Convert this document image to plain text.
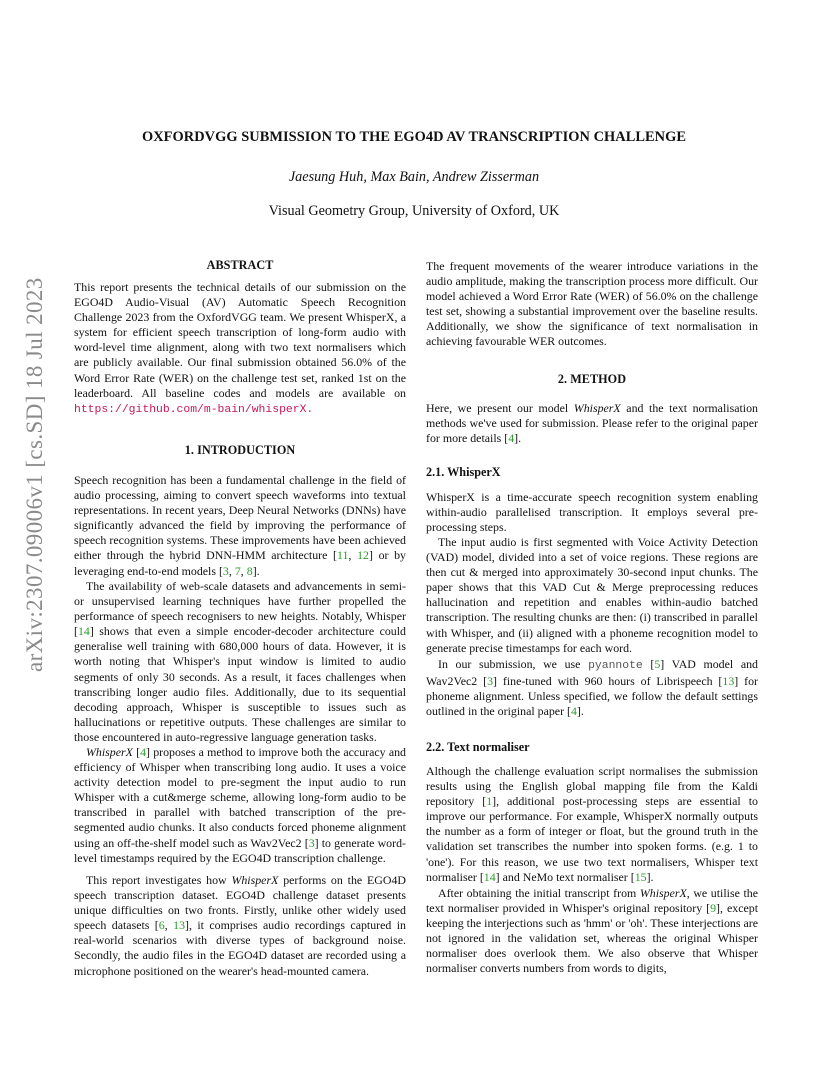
arXiv:2307.09006v1 [cs.SD] 18 Jul 2023
OXFORDVGG SUBMISSION TO THE EGO4D AV TRANSCRIPTION CHALLENGE
Jaesung Huh, Max Bain, Andrew Zisserman
Visual Geometry Group, University of Oxford, UK
ABSTRACT
This report presents the technical details of our submission on the EGO4D Audio-Visual (AV) Automatic Speech Recognition Challenge 2023 from the OxfordVGG team. We present WhisperX, a system for efficient speech transcription of long-form audio with word-level time alignment, along with two text normalisers which are publicly available. Our final submission obtained 56.0% of the Word Error Rate (WER) on the challenge test set, ranked 1st on the leaderboard. All baseline codes and models are available on https://github.com/m-bain/whisperX.
1. INTRODUCTION
Speech recognition has been a fundamental challenge in the field of audio processing, aiming to convert speech waveforms into textual representations. In recent years, Deep Neural Networks (DNNs) have significantly advanced the field by improving the performance of speech recognition systems. These improvements have been achieved either through the hybrid DNN-HMM architecture [11, 12] or by leveraging end-to-end models [3, 7, 8].
The availability of web-scale datasets and advancements in semi- or unsupervised learning techniques have further propelled the performance of speech recognisers to new heights. Notably, Whisper [14] shows that even a simple encoder-decoder architecture could generalise well training with 680,000 hours of data. However, it is worth noting that Whisper's input window is limited to audio segments of only 30 seconds. As a result, it faces challenges when transcribing longer audio files. Additionally, due to its sequential decoding approach, Whisper is susceptible to issues such as hallucinations or repetitive outputs. These challenges are similar to those encountered in auto-regressive language generation tasks.
WhisperX [4] proposes a method to improve both the accuracy and efficiency of Whisper when transcribing long audio. It uses a voice activity detection model to pre-segment the input audio to run Whisper with a cut&merge scheme, allowing long-form audio to be transcribed in parallel with batched transcription of the pre-segmented audio chunks. It also conducts forced phoneme alignment using an off-the-shelf model such as Wav2Vec2 [3] to generate word-level timestamps required by the EGO4D transcription challenge.
This report investigates how WhisperX performs on the EGO4D speech transcription dataset. EGO4D challenge dataset presents unique difficulties on two fronts. Firstly, unlike other widely used speech datasets [6, 13], it comprises audio recordings captured in real-world scenarios with diverse types of background noise. Secondly, the audio files in the EGO4D dataset are recorded using a microphone positioned on the wearer's head-mounted camera.
The frequent movements of the wearer introduce variations in the audio amplitude, making the transcription process more difficult. Our model achieved a Word Error Rate (WER) of 56.0% on the challenge test set, showing a substantial improvement over the baseline results. Additionally, we show the significance of text normalisation in achieving favourable WER outcomes.
2. METHOD
Here, we present our model WhisperX and the text normalisation methods we've used for submission. Please refer to the original paper for more details [4].
2.1. WhisperX
WhisperX is a time-accurate speech recognition system enabling within-audio parallelised transcription. It employs several pre-processing steps.
The input audio is first segmented with Voice Activity Detection (VAD) model, divided into a set of voice regions. These regions are then cut & merged into approximately 30-second input chunks. The paper shows that this VAD Cut & Merge preprocessing reduces hallucination and repetition and enables within-audio batched transcription. The resulting chunks are then: (i) transcribed in parallel with Whisper, and (ii) aligned with a phoneme recognition model to generate precise timestamps for each word.
In our submission, we use pyannote [5] VAD model and Wav2Vec2 [3] fine-tuned with 960 hours of Librispeech [13] for phoneme alignment. Unless specified, we follow the default settings outlined in the original paper [4].
2.2. Text normaliser
Although the challenge evaluation script normalises the submission results using the English global mapping file from the Kaldi repository [1], additional post-processing steps are essential to improve our performance. For example, WhisperX normally outputs the number as a form of integer or float, but the ground truth in the validation set transcribes the number into spoken forms. (e.g. 1 to 'one'). For this reason, we use two text normalisers, Whisper text normaliser [14] and NeMo text normaliser [15].
After obtaining the initial transcript from WhisperX, we utilise the text normaliser provided in Whisper's original repository [9], except keeping the interjections such as 'hmm' or 'oh'. These interjections are not ignored in the validation set, whereas the original Whisper normaliser does overlook them. We also observe that Whisper normaliser converts numbers from words to digits,
